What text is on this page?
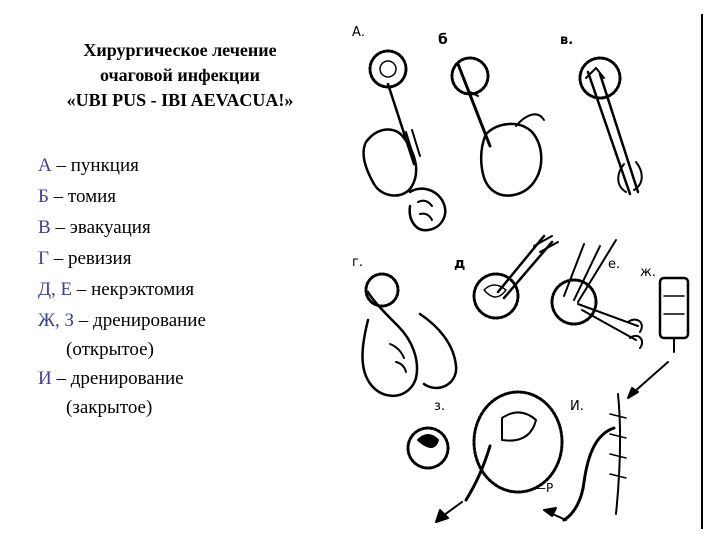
Хирургическое лечение
очаговой инфекции
«UBI PUS - IBI AEVACUA!»
А – пункция
Б – томия
В – эвакуация
Г – ревизия
Д, Е – некрэктомия
Ж, З – дренирование
(открытое)
И – дренирование
(закрытое)
А.	б	в.
г.	д	е.
ж.
з.	И.
—Р
